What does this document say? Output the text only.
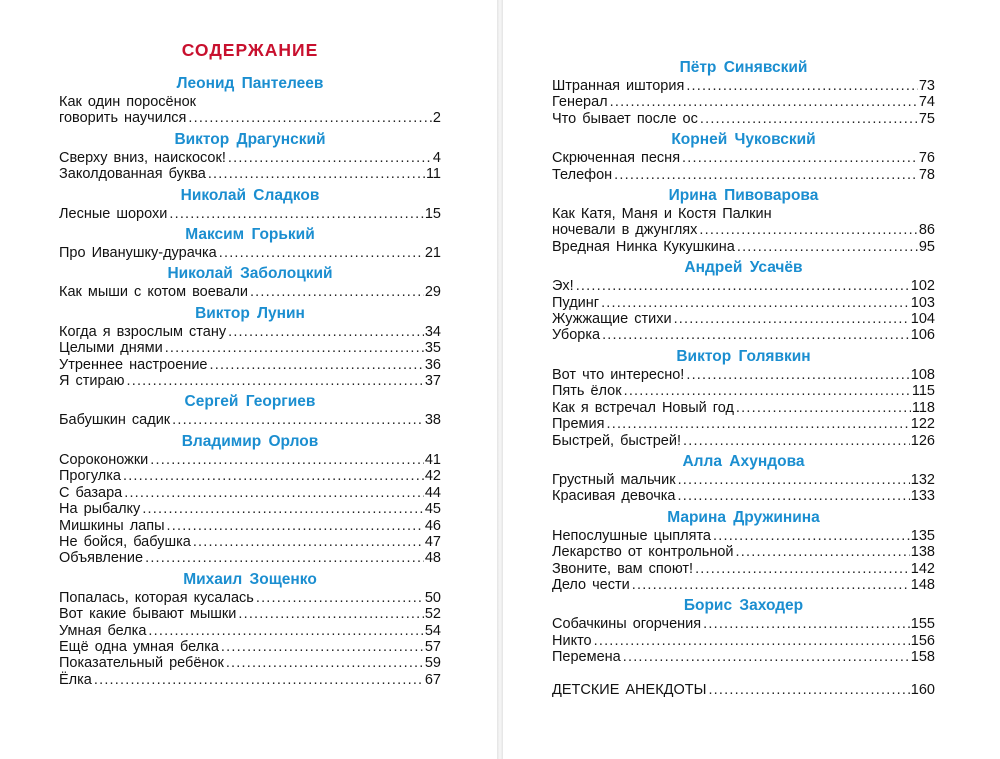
СОДЕРЖАНИЕ
Леонид Пантелеев
Как один поросёнок
говорить научился .....	2
Виктор Драгунский
Сверху вниз, наискосок! .....	4
Заколдованная буква .....	11
Николай Сладков
Лесные шорохи .....	15
Максим Горький
Про Иванушку-дурачка .....	21
Николай Заболоцкий
Как мыши с котом воевали .....	29
Виктор Лунин
Когда я взрослым стану .....	34
Целыми днями .....	35
Утреннее настроение .....	36
Я стираю .....	37
Сергей Георгиев
Бабушкин садик .....	38
Владимир Орлов
Сороконожки .....	41
Прогулка .....	42
С базара .....	44
На рыбалку .....	45
Мишкины лапы .....	46
Не бойся, бабушка .....	47
Объявление .....	48
Михаил Зощенко
Попалась, которая кусалась .....	50
Вот какие бывают мышки .....	52
Умная белка .....	54
Ещё одна умная белка .....	57
Показательный ребёнок .....	59
Ёлка .....	67
Пётр Синявский
Штранная иштория .....	73
Генерал .....	74
Что бывает после ос .....	75
Корней Чуковский
Скрюченная песня .....	76
Телефон .....	78
Ирина Пивоварова
Как Катя, Маня и Костя Палкин
ночевали в джунглях .....	86
Вредная Нинка Кукушкина .....	95
Андрей Усачёв
Эх! .....	102
Пудинг .....	103
Жужжащие стихи .....	104
Уборка .....	106
Виктор Голявкин
Вот что интересно! .....	108
Пять ёлок .....	115
Как я встречал Новый год .....	118
Премия .....	122
Быстрей, быстрей! .....	126
Алла Ахундова
Грустный мальчик .....	132
Красивая девочка .....	133
Марина Дружинина
Непослушные цыплята .....	135
Лекарство от контрольной .....	138
Звоните, вам споют! .....	142
Дело чести .....	148
Борис Заходер
Собачкины огорчения .....	155
Никто .....	156
Перемена .....	158
ДЕТСКИЕ АНЕКДОТЫ .....	160
